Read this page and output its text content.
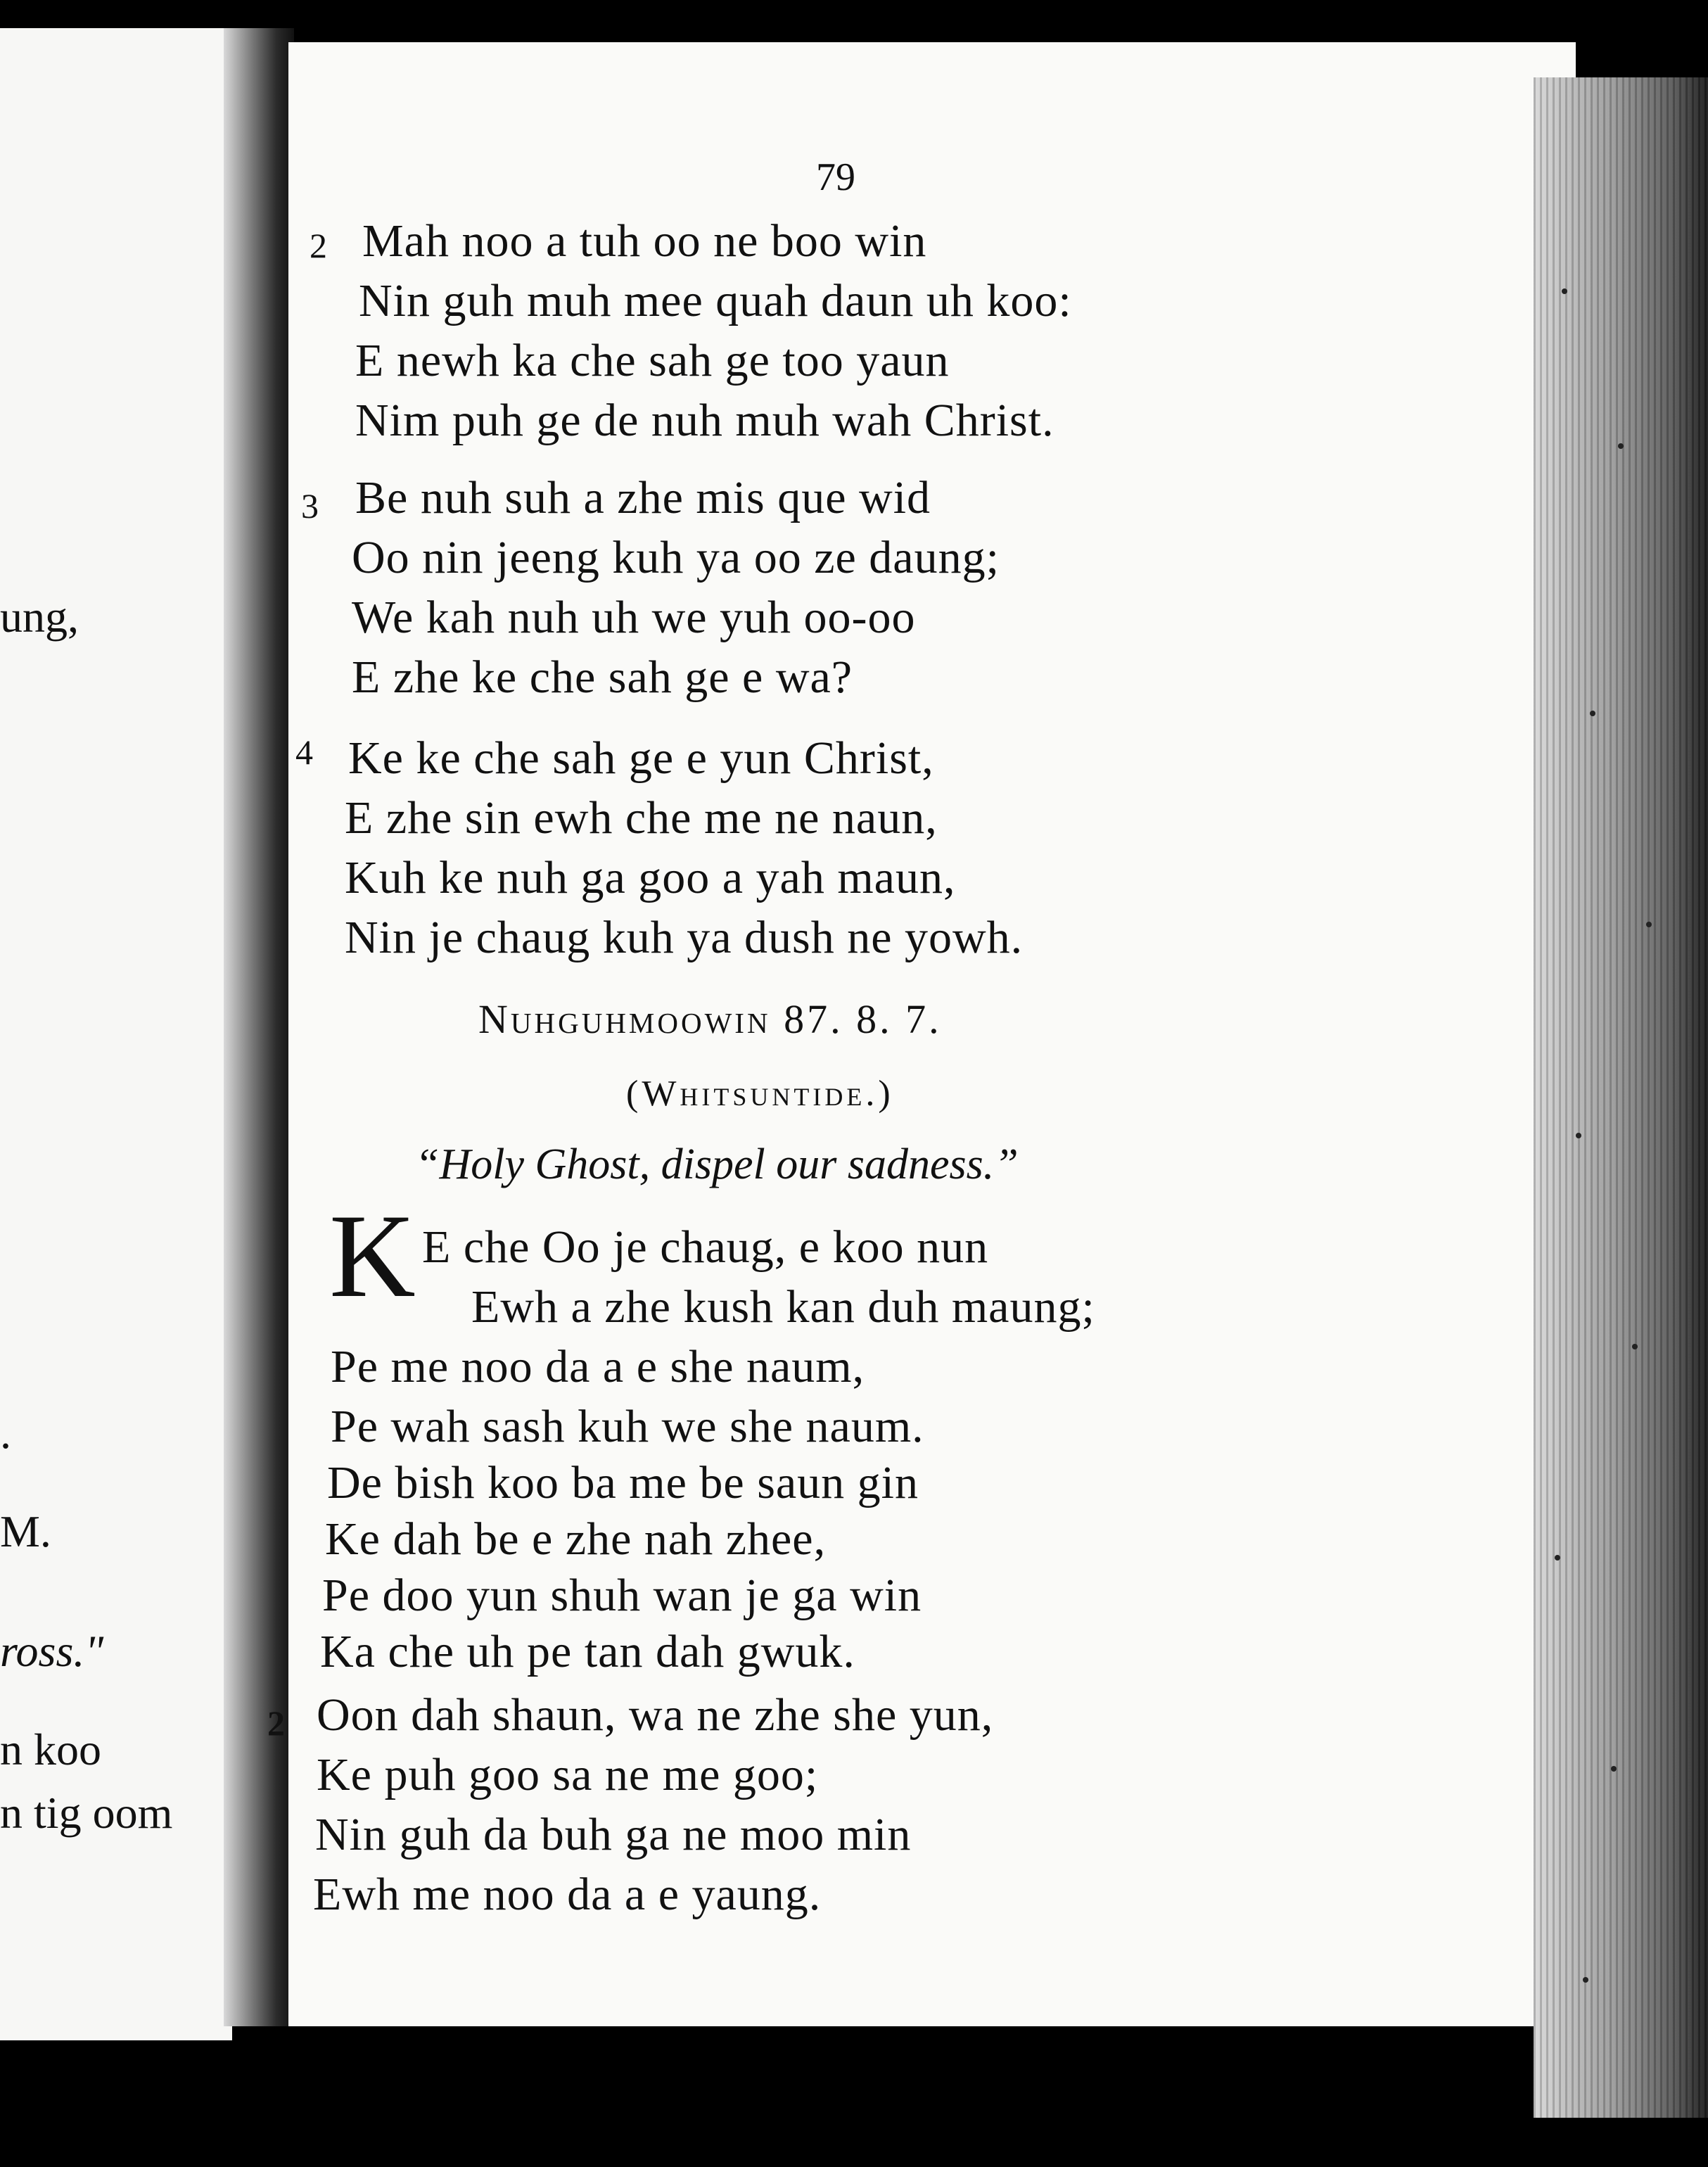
ung,

.

M.

ross."

n koo

n tig oom

79

2 Mah noo a tuh oo ne boo win

Nin guh muh mee quah daun uh koo:

E newh ka che sah ge too yaun

Nim puh ge de nuh muh wah Christ.

3 Be nuh suh a zhe mis que wid

Oo nin jeeng kuh ya oo ze daung;

We kah nuh uh we yuh oo-oo

E zhe ke che sah ge e wa?

4 Ke ke che sah ge e yun Christ,

E zhe sin ewh che me ne naun,

Kuh ke nuh ga goo a yah maun,

Nin je chaug kuh ya dush ne yowh.

Nuhguhmoowin 87. 8. 7.

(Whitsuntide.)

“Holy Ghost, dispel our sadness.”

K E che Oo je chaug, e koo nun

Ewh a zhe kush kan duh maung;

Pe me noo da a e she naum,

Pe wah sash kuh we she naum.

De bish koo ba me be saun gin

Ke dah be e zhe nah zhee,

Pe doo yun shuh wan je ga win

Ka che uh pe tan dah gwuk.

2 Oon dah shaun, wa ne zhe she yun,

Ke puh goo sa ne me goo;

Nin guh da buh ga ne moo min

Ewh me noo da a e yaung.
